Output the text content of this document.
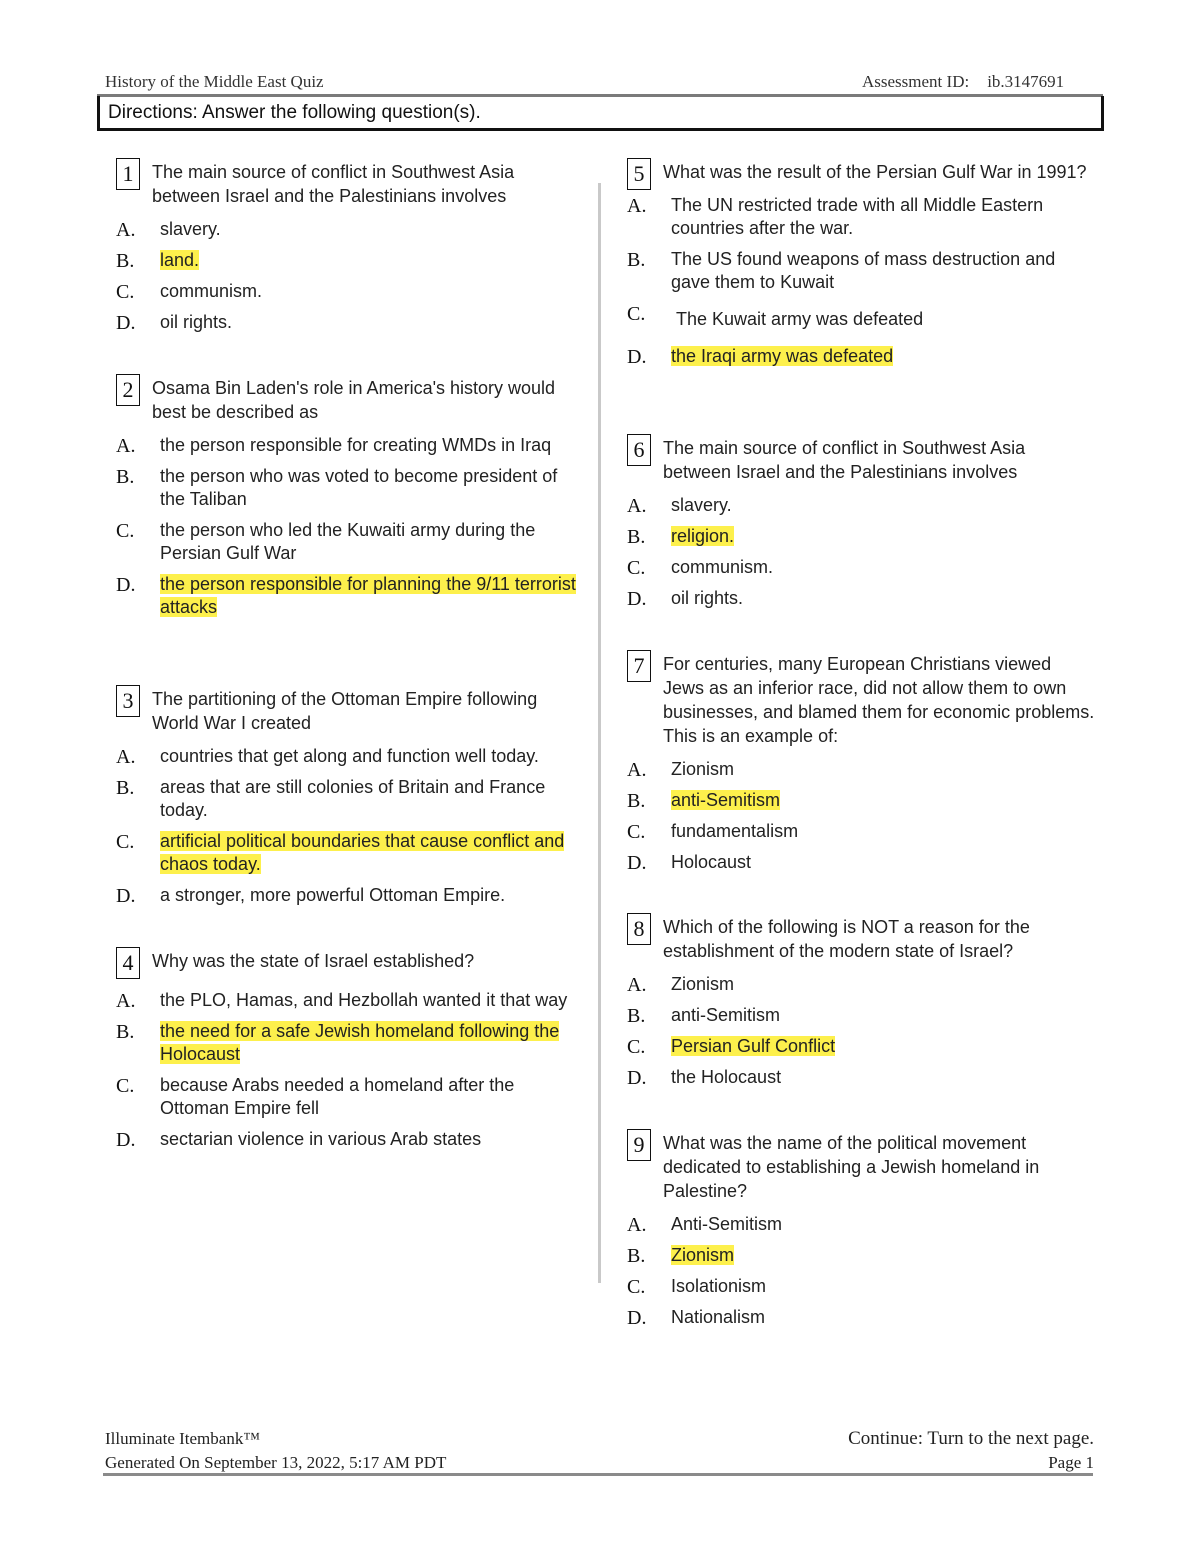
History of the Middle East Quiz	Assessment ID: ib.3147691
Directions: Answer the following question(s).
1	The main source of conflict in Southwest Asia between Israel and the Palestinians involves
A. slavery.
B. land.
C. communism.
D. oil rights.
2	Osama Bin Laden's role in America's history would best be described as
A. the person responsible for creating WMDs in Iraq
B. the person who was voted to become president of the Taliban
C. the person who led the Kuwaiti army during the Persian Gulf War
D. the person responsible for planning the 9/11 terrorist attacks
3	The partitioning of the Ottoman Empire following World War I created
A. countries that get along and function well today.
B. areas that are still colonies of Britain and France today.
C. artificial political boundaries that cause conflict and chaos today.
D. a stronger, more powerful Ottoman Empire.
4	Why was the state of Israel established?
A. the PLO, Hamas, and Hezbollah wanted it that way
B. the need for a safe Jewish homeland following the Holocaust
C. because Arabs needed a homeland after the Ottoman Empire fell
D. sectarian violence in various Arab states
5	What was the result of the Persian Gulf War in 1991?
A. The UN restricted trade with all Middle Eastern countries after the war.
B. The US found weapons of mass destruction and gave them to Kuwait
C. The Kuwait army was defeated
D. the Iraqi army was defeated
6	The main source of conflict in Southwest Asia between Israel and the Palestinians involves
A. slavery.
B. religion.
C. communism.
D. oil rights.
7	For centuries, many European Christians viewed Jews as an inferior race, did not allow them to own businesses, and blamed them for economic problems. This is an example of:
A. Zionism
B. anti-Semitism
C. fundamentalism
D. Holocaust
8	Which of the following is NOT a reason for the establishment of the modern state of Israel?
A. Zionism
B. anti-Semitism
C. Persian Gulf Conflict
D. the Holocaust
9	What was the name of the political movement dedicated to establishing a Jewish homeland in Palestine?
A. Anti-Semitism
B. Zionism
C. Isolationism
D. Nationalism
Illuminate Itembank™	Continue: Turn to the next page.
Generated On September 13, 2022, 5:17 AM PDT	Page 1
